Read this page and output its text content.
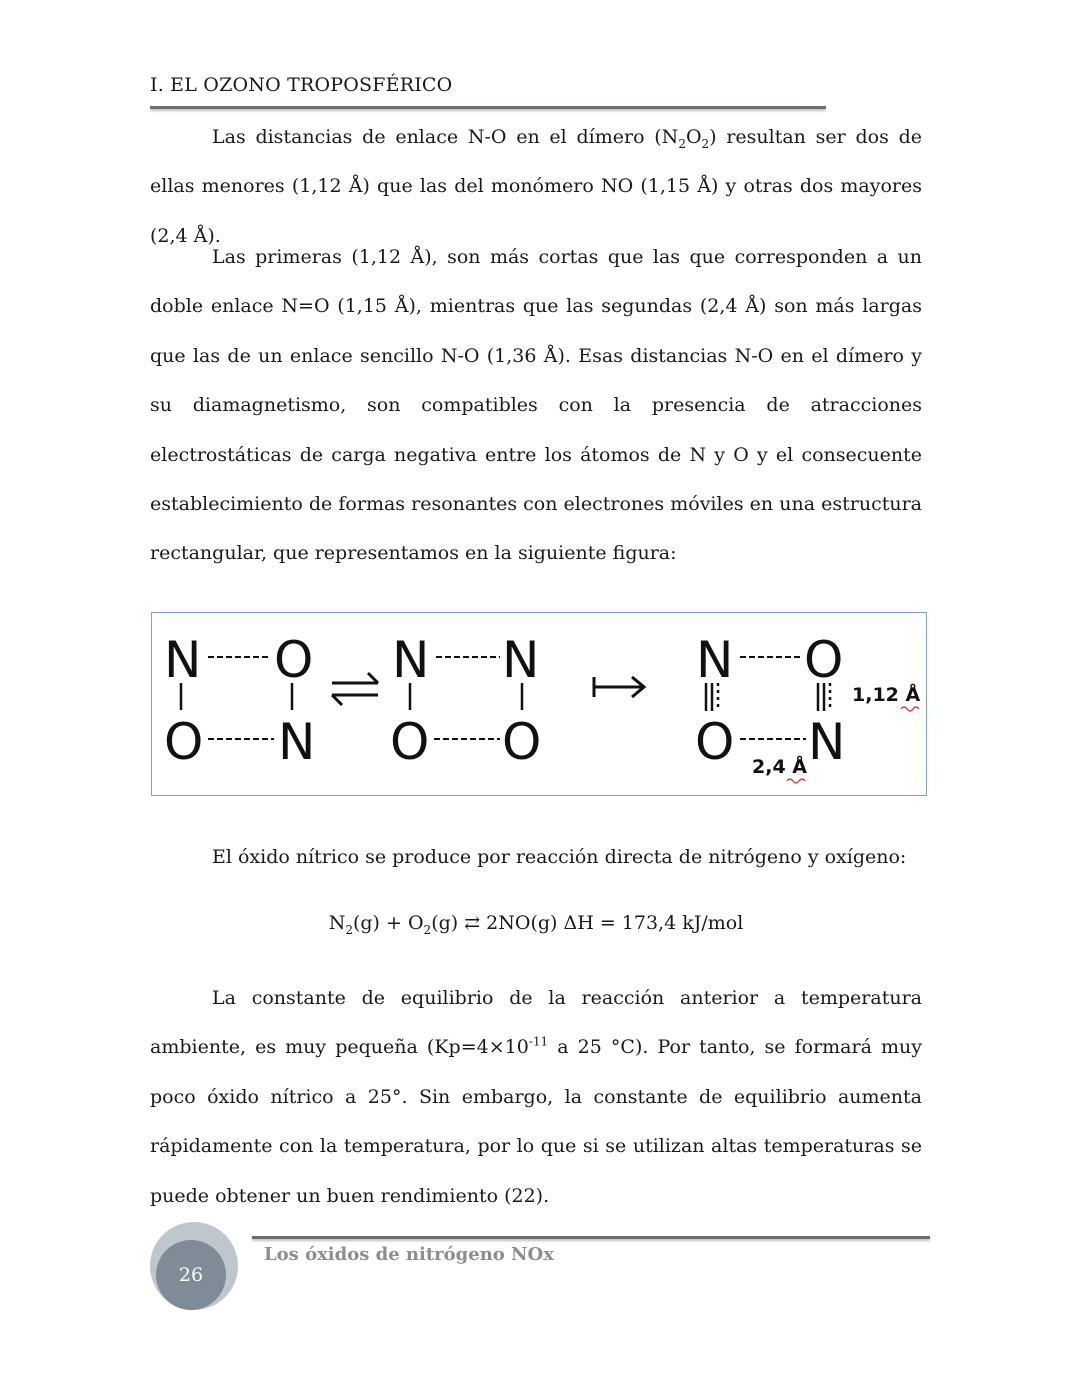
I. EL OZONO TROPOSFÉRICO

Las distancias de enlace N-O en el dímero $(N_2O_2)$ resultan ser dos de ellas menores (1,12 Å) que las del monómero NO (1,15 Å) y otras dos mayores (2,4 Å).

Las primeras (1,12 Å), son más cortas que las que corresponden a un doble enlace N=O (1,15 Å), mientras que las segundas (2,4 Å) son más largas que las de un enlace sencillo N-O (1,36 Å). Esas distancias N-O en el dímero y su diamagnetismo, son compatibles con la presencia de atracciones electrostáticas de carga negativa entre los átomos de N y O y el consecuente establecimiento de formas resonantes con electrones móviles en una estructura rectangular, que representamos en la siguiente figura:

N O
O N
N N
O O
N O
O N
1,12 Å
2,4 Å

El óxido nítrico se produce por reacción directa de nitrógeno y oxígeno:

$N_2(g) + O_2(g)$ ⇄ 2NO(g) ΔH = 173,4 kJ/mol

La constante de equilibrio de la reacción anterior a temperatura ambiente, es muy pequeña ($Kp=4\times 10^{-11}$ a 25 °C). Por tanto, se formará muy poco óxido nítrico a 25°. Sin embargo, la constante de equilibrio aumenta rápidamente con la temperatura, por lo que si se utilizan altas temperaturas se puede obtener un buen rendimiento (22).

26
Los óxidos de nitrógeno NOx
